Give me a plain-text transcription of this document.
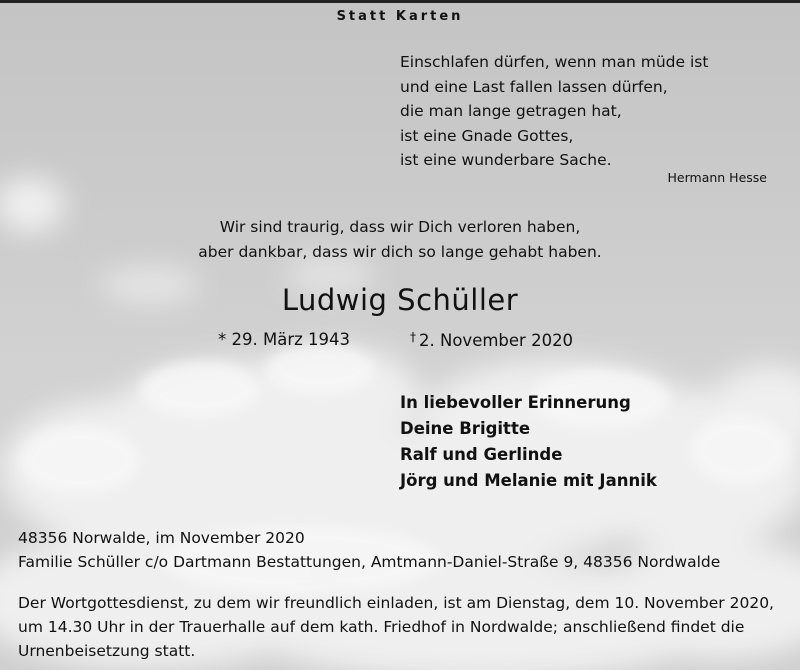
Statt Karten
Einschlafen dürfen, wenn man müde ist
und eine Last fallen lassen dürfen,
die man lange getragen hat,
ist eine Gnade Gottes,
ist eine wunderbare Sache.
Hermann Hesse
Wir sind traurig, dass wir Dich verloren haben,
aber dankbar, dass wir dich so lange gehabt haben.
Ludwig Schüller
* 29. März 1943	† 2. November 2020
In liebevoller Erinnerung
Deine Brigitte
Ralf und Gerlinde
Jörg und Melanie mit Jannik
48356 Norwalde, im November 2020
Familie Schüller c/o Dartmann Bestattungen, Amtmann-Daniel-Straße 9, 48356 Nordwalde
Der Wortgottesdienst, zu dem wir freundlich einladen, ist am Dienstag, dem 10. November 2020,
um 14.30 Uhr in der Trauerhalle auf dem kath. Friedhof in Nordwalde; anschließend findet die
Urnenbeisetzung statt.
